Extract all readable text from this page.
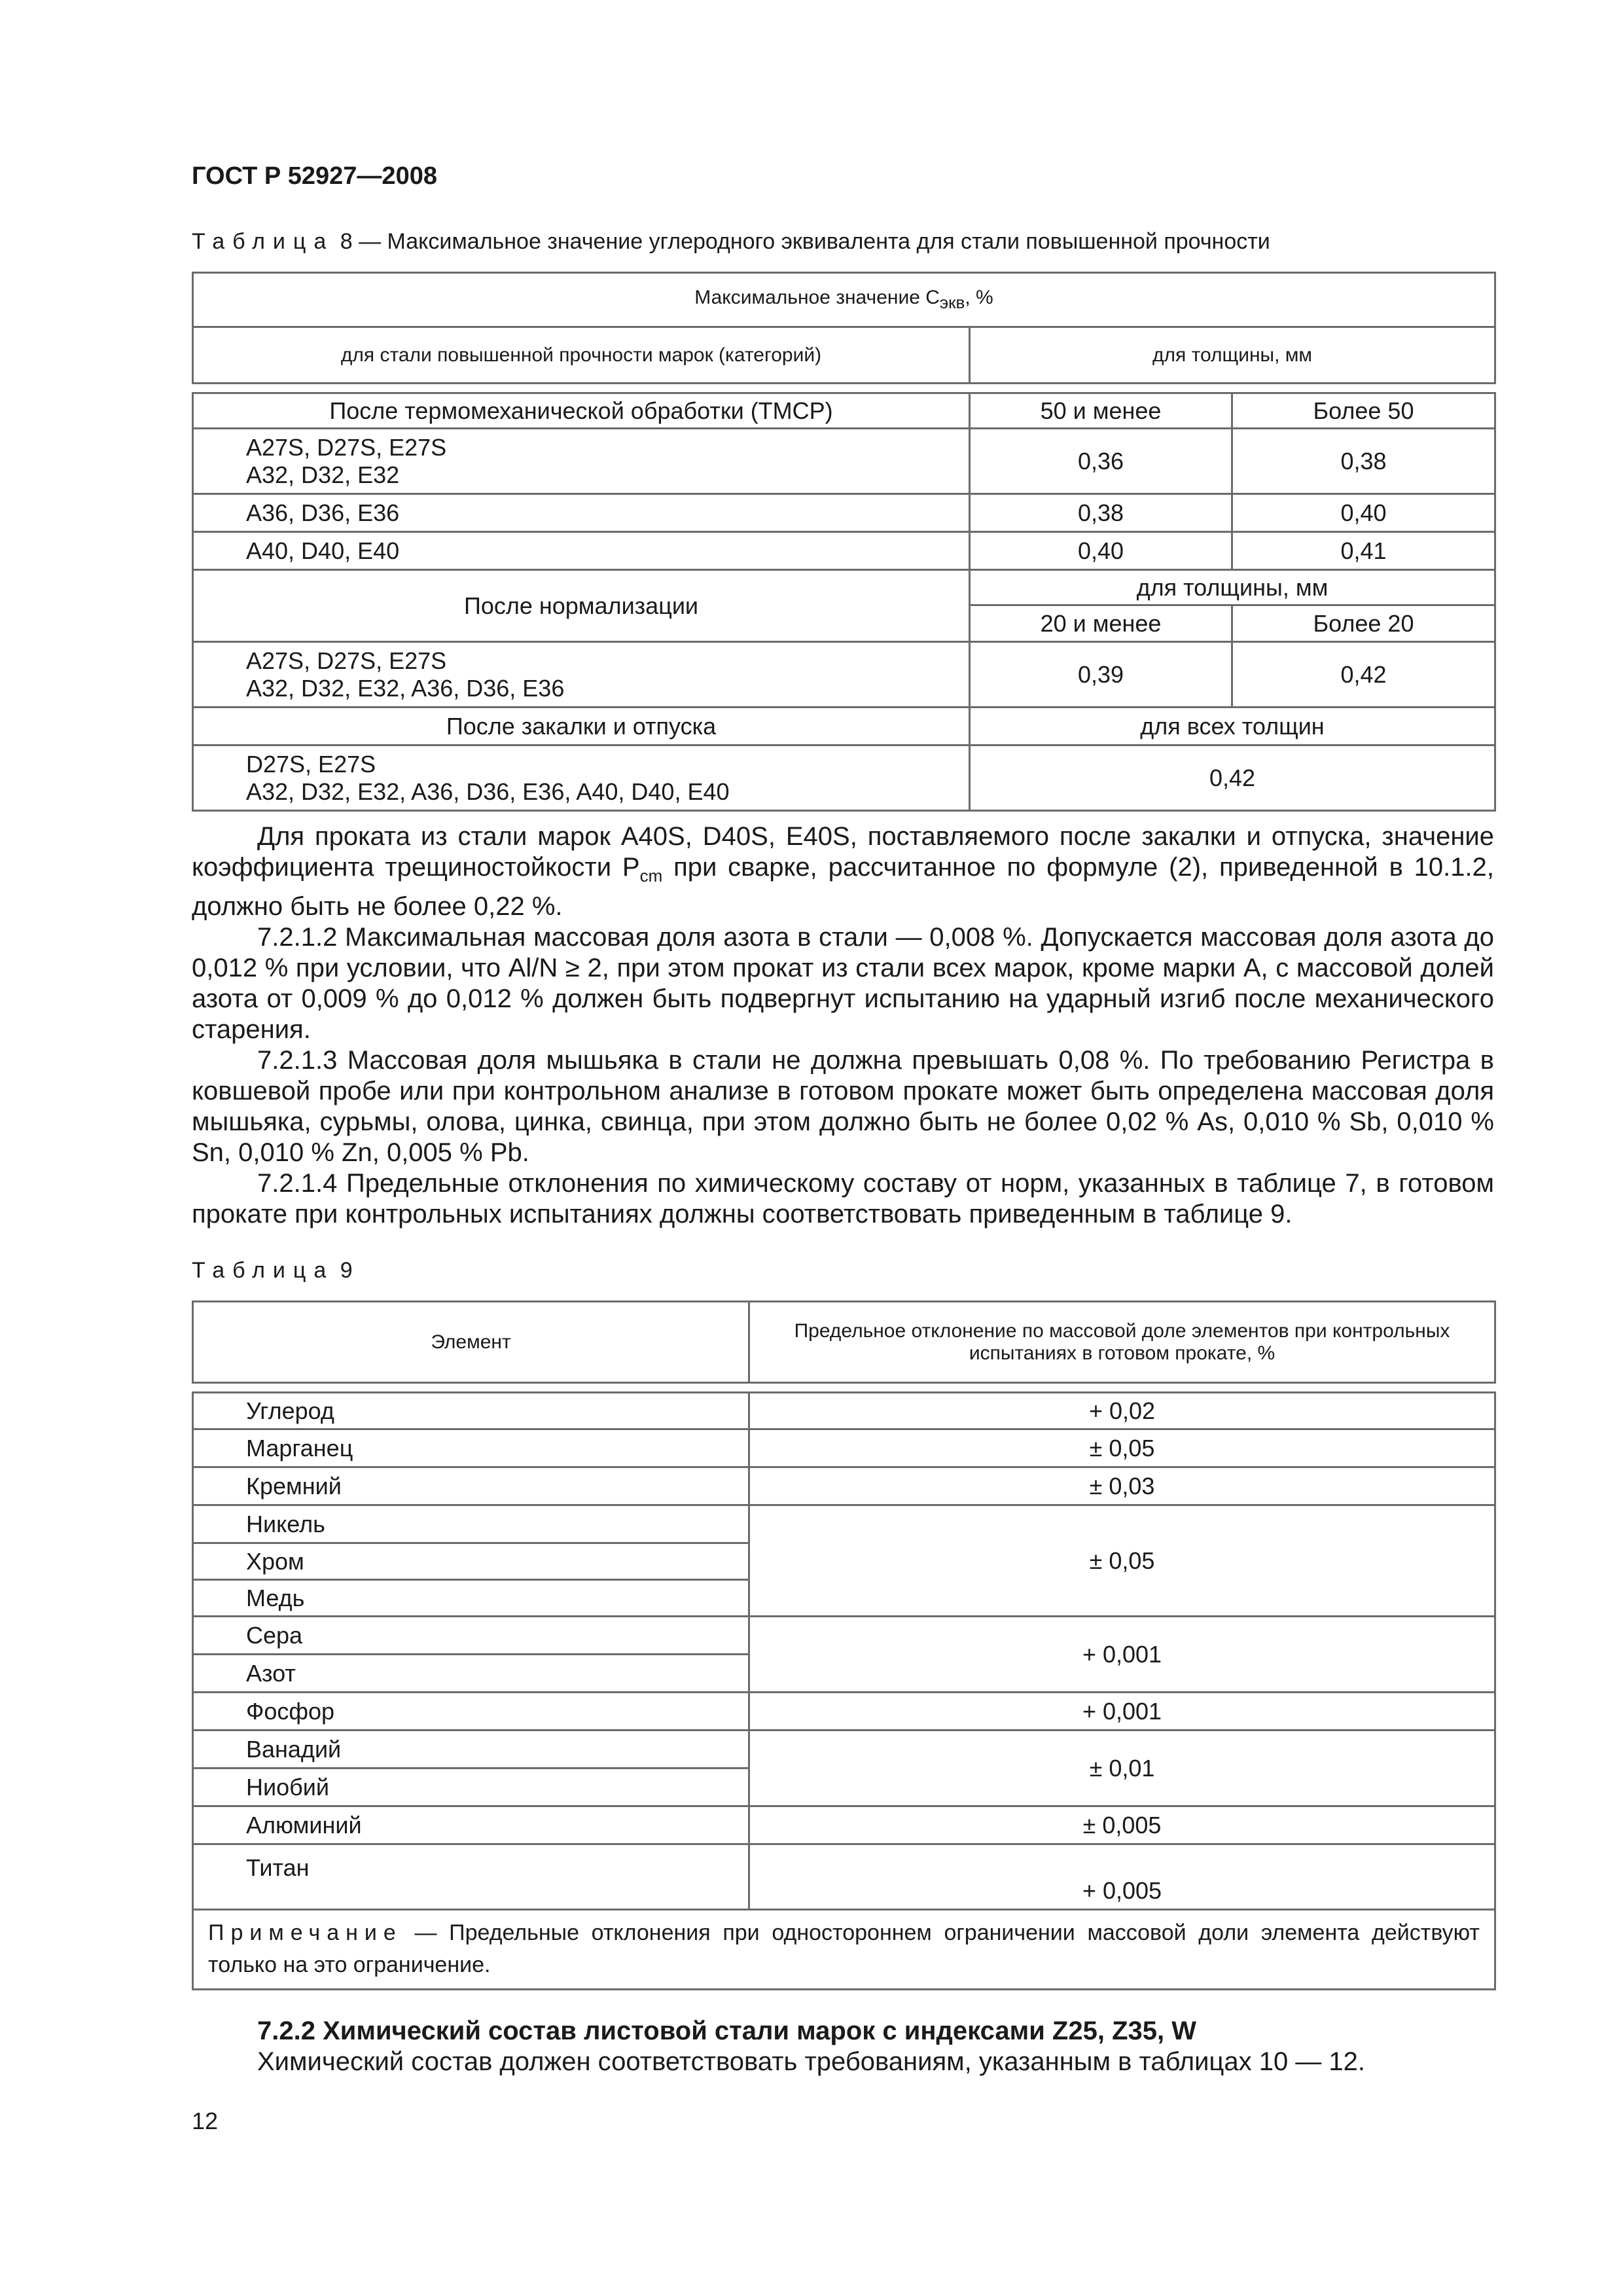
ГОСТ Р 52927—2008
Таблица 8 — Максимальное значение углеродного эквивалента для стали повышенной прочности
Максимальное значение $С_{экв}$, %		
для стали повышенной прочности марок (категорий)	для толщины, мм	

После термомеханической обработки (ТМСР)	50 и менее	Более 50

A27S, D27S, E27S
A32, D32, E32	0,36	0,38
A36, D36, E36	0,38	0,40
A40, D40, E40	0,40	0,41
После нормализации	для толщины, мм	
	20 и менее	Более 20

A27S, D27S, E27S
A32, D32, E32, A36, D36, E36	0,39	0,42
После закалки и отпуска	для всех толщин	

D27S, E27S
A32, D32, E32, A36, D36, E36, A40, D40, E40	0,42	

Для проката из стали марок A40S, D40S, E40S, поставляемого после закалки и отпуска, значение коэффициента трещиностойкости $P_{cm}$ при сварке, рассчитанное по формуле (2), приведенной в 10.1.2, должно быть не более 0,22 %.

7.2.1.2 Максимальная массовая доля азота в стали — 0,008 %. Допускается массовая доля азота до 0,012 % при условии, что Al/N ≥ 2, при этом прокат из стали всех марок, кроме марки А, с массовой долей азота от 0,009 % до 0,012 % должен быть подвергнут испытанию на ударный изгиб после механического старения.

7.2.1.3 Массовая доля мышьяка в стали не должна превышать 0,08 %. По требованию Регистра в ковшевой пробе или при контрольном анализе в готовом прокате может быть определена массовая доля мышьяка, сурьмы, олова, цинка, свинца, при этом должно быть не более 0,02 % As, 0,010 % Sb, 0,010 % Sn, 0,010 % Zn, 0,005 % Pb.

7.2.1.4 Предельные отклонения по химическому составу от норм, указанных в таблице 7, в готовом прокате при контрольных испытаниях должны соответствовать приведенным в таблице 9.

Таблица 9
Элемент	Предельное отклонение по массовой доле элементов при контрольных испытаниях в готовом прокате, %

Углерод	+ 0,02
Марганец	± 0,05
Кремний	± 0,03
Никель	± 0,05
Хром	
Медь	
Сера	+ 0,001
Азот	
Фосфор	+ 0,001
Ванадий	± 0,01
Ниобий	
Алюминий	± 0,005
Титан	+ 0,005
Примечание — Предельные отклонения при одностороннем ограничении массовой доли элемента действуют только на это ограничение.	

7.2.2 Химический состав листовой стали марок с индексами Z25, Z35, W

Химический состав должен соответствовать требованиям, указанным в таблицах 10 — 12.

12
